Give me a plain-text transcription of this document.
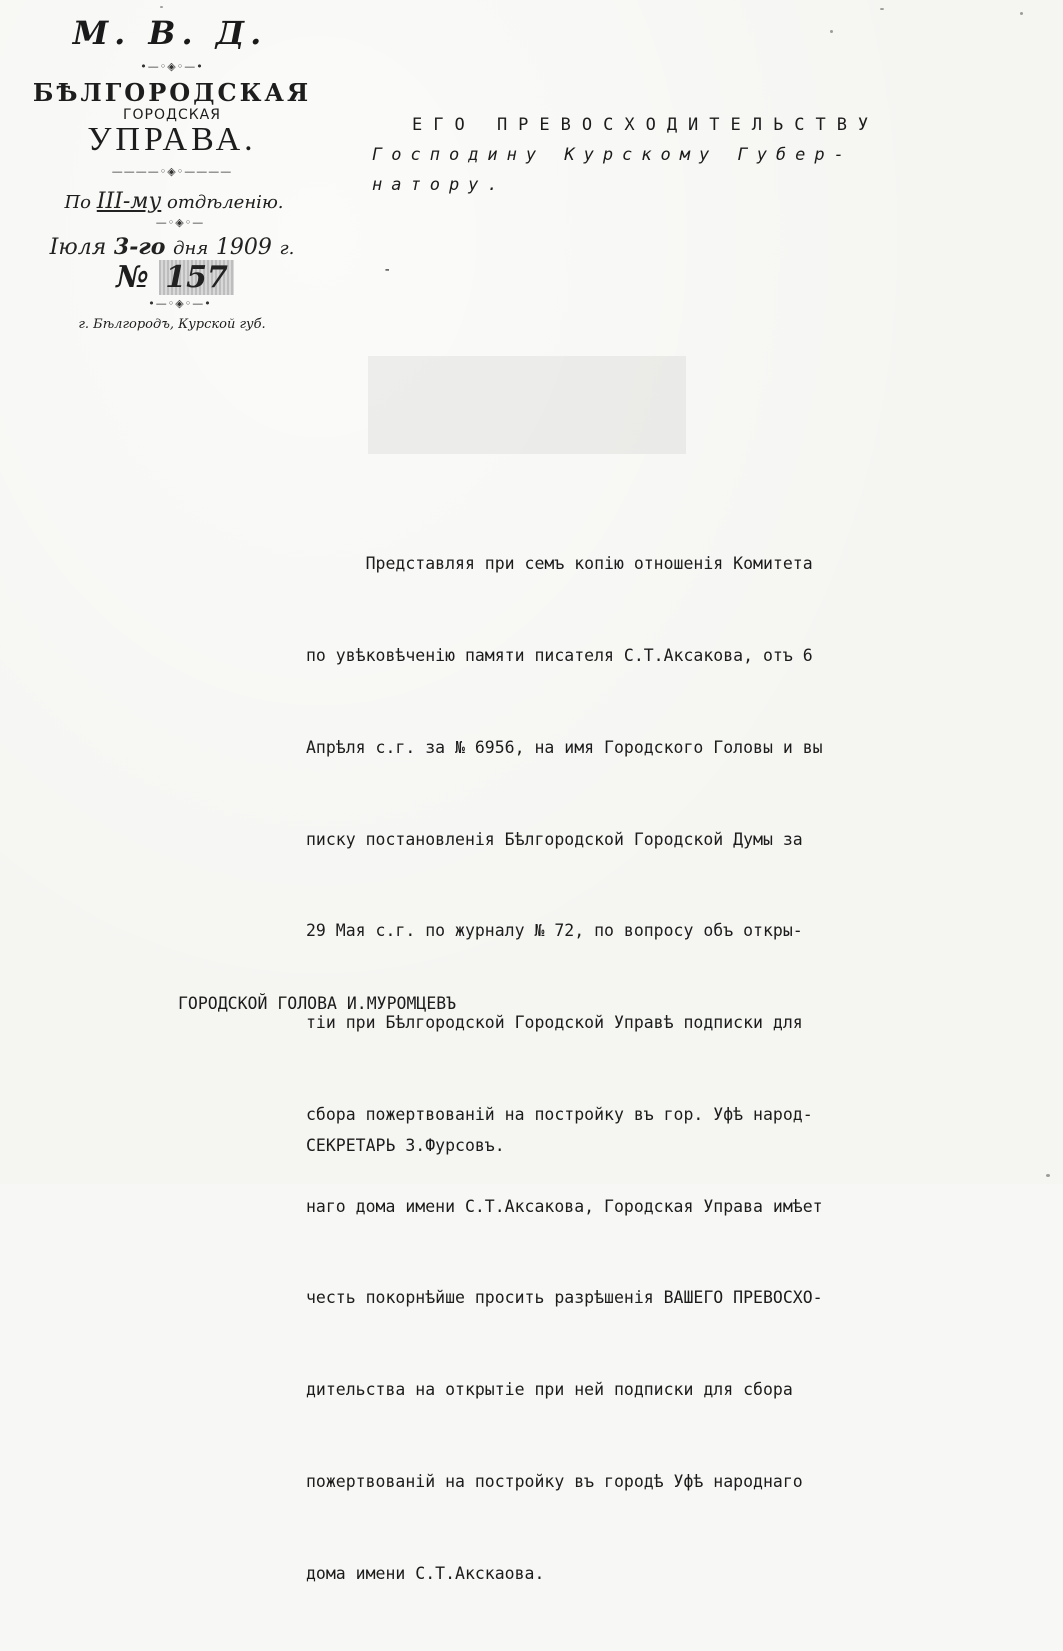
М. В. Д.
•—◦◈◦—•
БѢЛГОРОДСКАЯ
ГОРОДСКАЯ
УПРАВА.
————◦◈◦————
По III-му отдѣленію.
—◦◈◦—
Іюля 3-го дня 1909 г.
№ 157
•—◦◈◦—•
г. Бѣлгородъ, Курской губ.
ЕГО ПРЕВОСХОДИТЕЛЬСТВУ
Господину Курскому Губер-
натору.
-

Представляя при семъ копію отношенія Комитета

по увѣковѣченію памяти писателя С.Т.Аксакова, отъ 6

Апрѣля с.г. за № 6956, на имя Городского Головы и вы

писку постановленія Бѣлгородской Городской Думы за

29 Мая с.г. по журналу № 72, по вопросу объ откры-

тіи при Бѣлгородской Городской Управѣ подписки для

сбора пожертвованій на постройку въ гор. Уфѣ народ-

наго дома имени С.Т.Аксакова, Городская Управа имѣет

честь покорнѣйше просить разрѣшенія ВАШЕГО ПРЕВОСХО-

дительства на открытіе при ней подписки для сбора

пожертвованій на постройку въ городѣ Уфѣ народнаго

дома имени С.Т.Акскаова.

ГОРОДСКОЙ ГОЛОВА И.МУРОМЦЕВЪ
СЕКРЕТАРЬ З.Фурсовъ.
